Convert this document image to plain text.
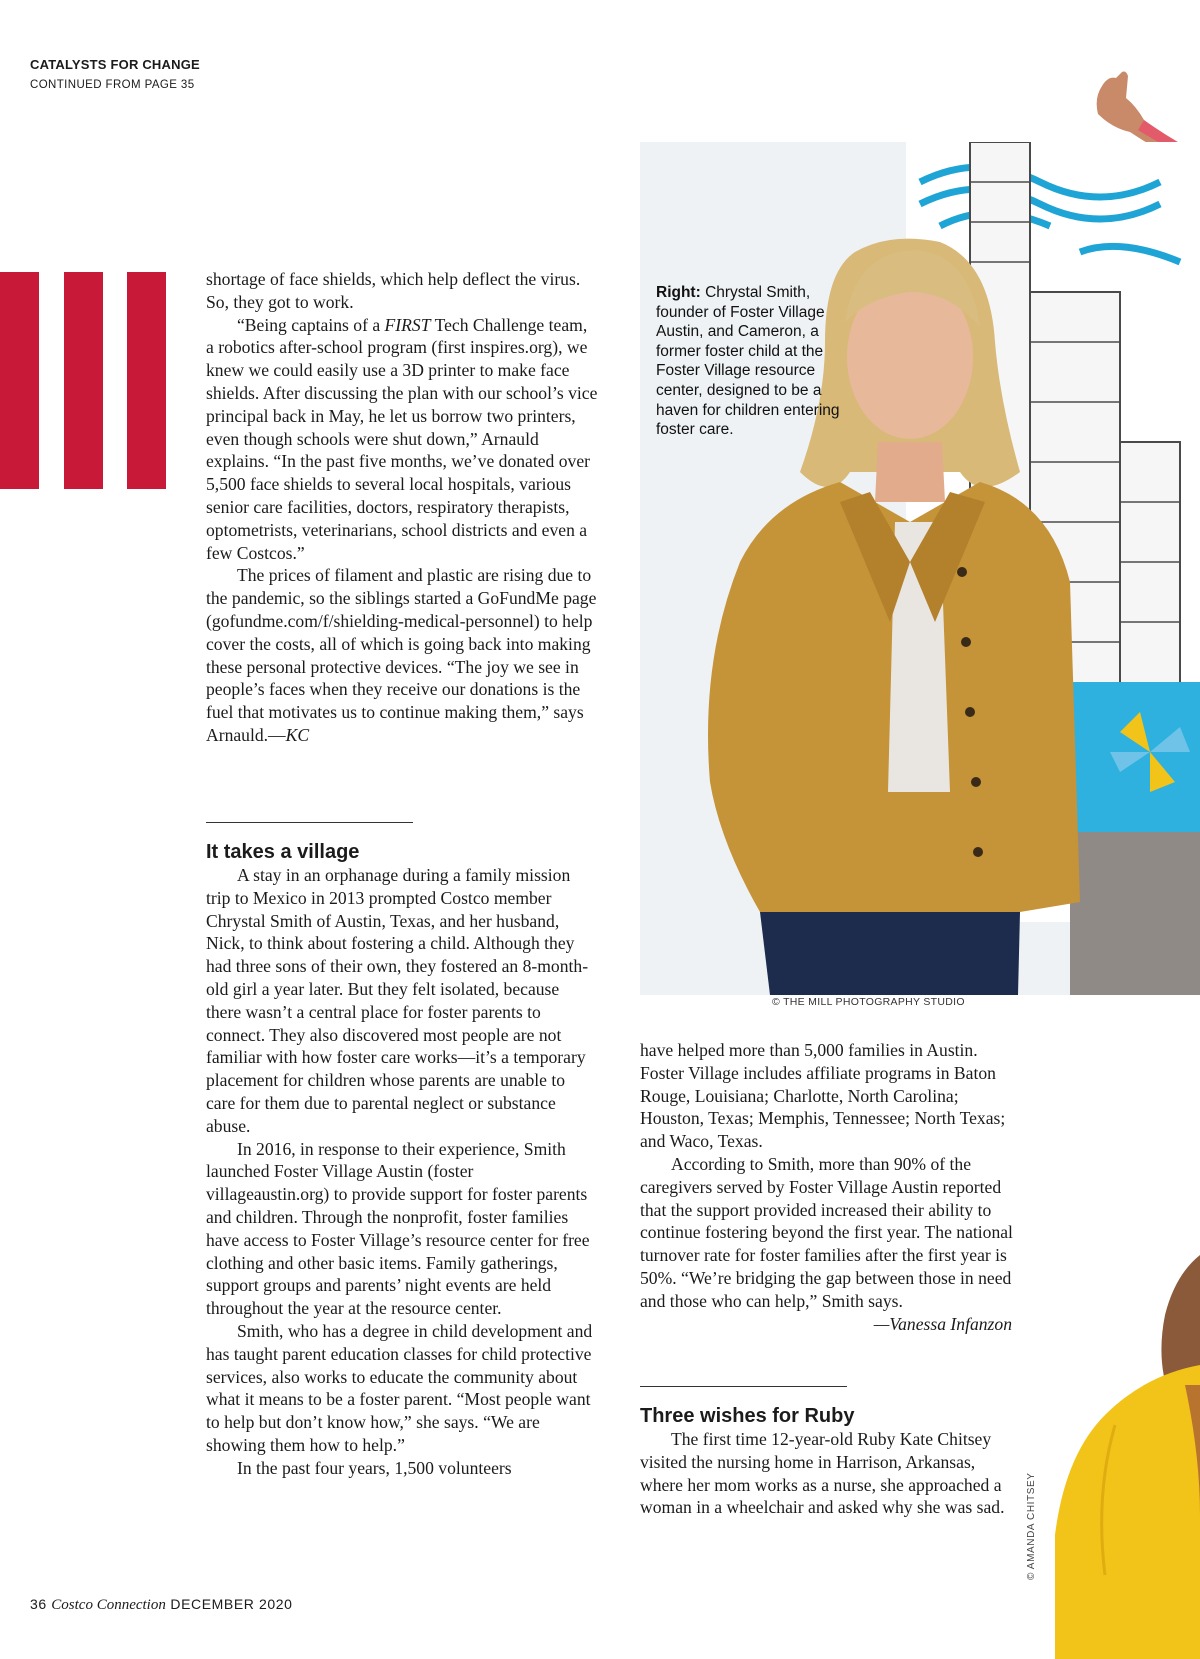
CATALYSTS FOR CHANGE
CONTINUED FROM PAGE 35

shortage of face shields, which help deflect the virus. So, they got to work.

“Being captains of a FIRST Tech Challenge team, a robotics after-school program (first inspires.org), we knew we could easily use a 3D printer to make face shields. After discussing the plan with our school’s vice principal back in May, he let us borrow two printers, even though schools were shut down,” Arnauld explains. “In the past five months, we’ve donated over 5,500 face shields to several local hospitals, various senior care facilities, doctors, respiratory therapists, optometrists, veterinarians, school districts and even a few Costcos.”

The prices of filament and plastic are rising due to the pandemic, so the siblings started a GoFundMe page (gofundme.com/f/shielding-medical-personnel) to help cover the costs, all of which is going back into making these personal protective devices. “The joy we see in people’s faces when they receive our donations is the fuel that motivates us to continue making them,” says Arnauld.—KC

It takes a village

A stay in an orphanage during a family mission trip to Mexico in 2013 prompted Costco member Chrystal Smith of Austin, Texas, and her husband, Nick, to think about fostering a child. Although they had three sons of their own, they fostered an 8-month-old girl a year later. But they felt isolated, because there wasn’t a central place for foster parents to connect. They also discovered most people are not familiar with how foster care works—it’s a temporary placement for children whose parents are unable to care for them due to parental neglect or substance abuse.

In 2016, in response to their experience, Smith launched Foster Village Austin (foster villageaustin.org) to provide support for foster parents and children. Through the nonprofit, foster families have access to Foster Village’s resource center for free clothing and other basic items. Family gatherings, support groups and parents’ night events are held throughout the year at the resource center.

Smith, who has a degree in child development and has taught parent education classes for child protective services, also works to educate the community about what it means to be a foster parent. “Most people want to help but don’t know how,” she says. “We are showing them how to help.”

In the past four years, 1,500 volunteers

Right: Chrystal Smith, founder of Foster Village Austin, and Cameron, a former foster child at the Foster Village resource center, designed to be a haven for children entering foster care.
© THE MILL PHOTOGRAPHY STUDIO

have helped more than 5,000 families in Austin. Foster Village includes affiliate programs in Baton Rouge, Louisiana; Charlotte, North Carolina; Houston, Texas; Memphis, Tennessee; North Texas; and Waco, Texas.

According to Smith, more than 90% of the caregivers served by Foster Village Austin reported that the support provided increased their ability to continue fostering beyond the first year. The national turnover rate for foster families after the first year is 50%. “We’re bridging the gap between those in need and those who can help,” Smith says.

—Vanessa Infanzon
Three wishes for Ruby

The first time 12-year-old Ruby Kate Chitsey visited the nursing home in Harrison, Arkansas, where her mom works as a nurse, she approached a woman in a wheelchair and asked why she was sad.	© AMANDA CHITSEY
36 Costco Connection DECEMBER 2020
